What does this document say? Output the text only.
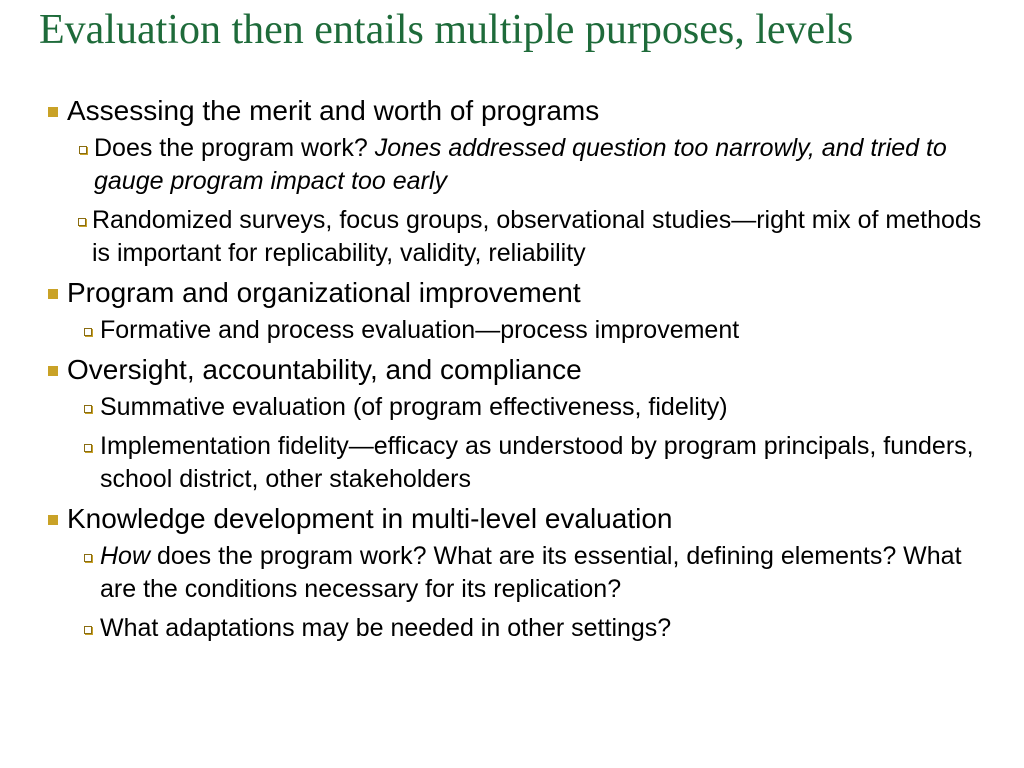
Evaluation then entails multiple purposes, levels
Assessing the merit and worth of programs
Does the program work? Jones addressed question too narrowly, and tried to gauge program impact too early
Randomized surveys, focus groups, observational studies—right mix of methods is important for replicability, validity, reliability
Program and organizational improvement
Formative and process evaluation—process improvement
Oversight, accountability, and compliance
Summative evaluation (of program effectiveness, fidelity)
Implementation fidelity—efficacy as understood by program principals, funders, school district, other stakeholders
Knowledge development in multi-level evaluation
How does the program work? What are its essential, defining elements? What are the conditions necessary for its replication?
What adaptations may be needed in other settings?
